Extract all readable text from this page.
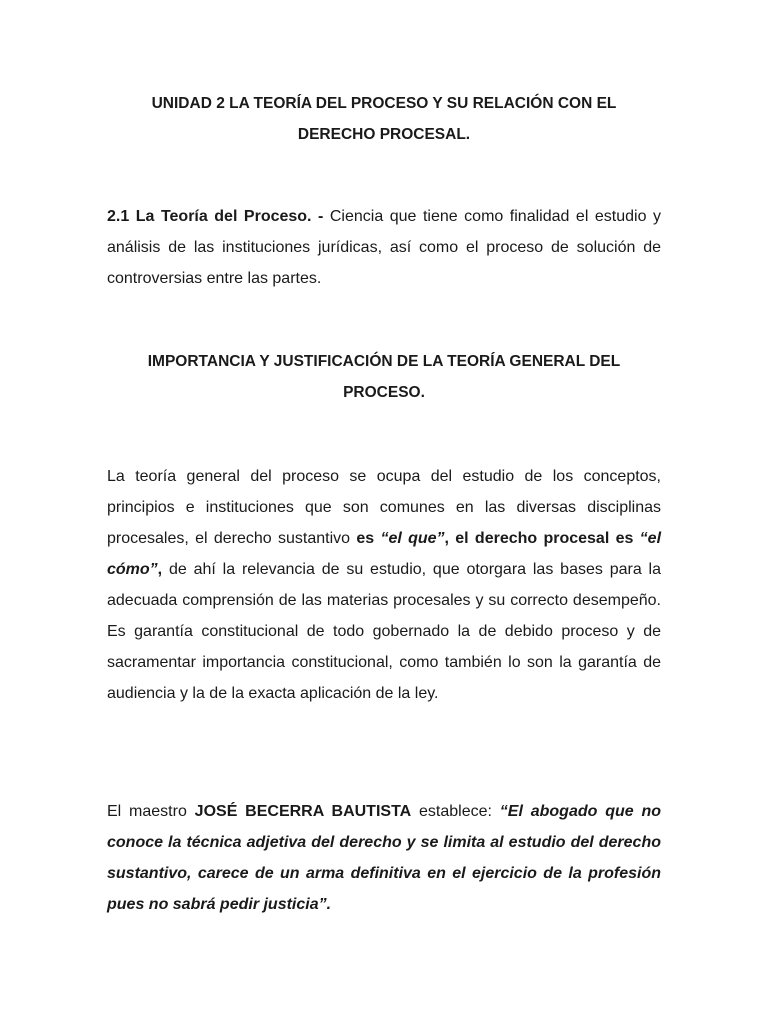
UNIDAD 2 LA TEORÍA DEL PROCESO Y SU RELACIÓN CON EL

DERECHO PROCESAL.

2.1 La Teoría del Proceso. - Ciencia que tiene como finalidad el estudio y análisis de las instituciones jurídicas, así como el proceso de solución de controversias entre las partes.

IMPORTANCIA Y JUSTIFICACIÓN DE LA TEORÍA GENERAL DEL

PROCESO.

La teoría general del proceso se ocupa del estudio de los conceptos, principios e instituciones que son comunes en las diversas disciplinas procesales, el derecho sustantivo es “el que”, el derecho procesal es “el cómo”, de ahí la relevancia de su estudio, que otorgara las bases para la adecuada comprensión de las materias procesales y su correcto desempeño. Es garantía constitucional de todo gobernado la de debido proceso y de sacramentar importancia constitucional, como también lo son la garantía de audiencia y la de la exacta aplicación de la ley.

El maestro JOSÉ BECERRA BAUTISTA establece: “El abogado que no conoce la técnica adjetiva del derecho y se limita al estudio del derecho sustantivo, carece de un arma definitiva en el ejercicio de la profesión pues no sabrá pedir justicia”.
